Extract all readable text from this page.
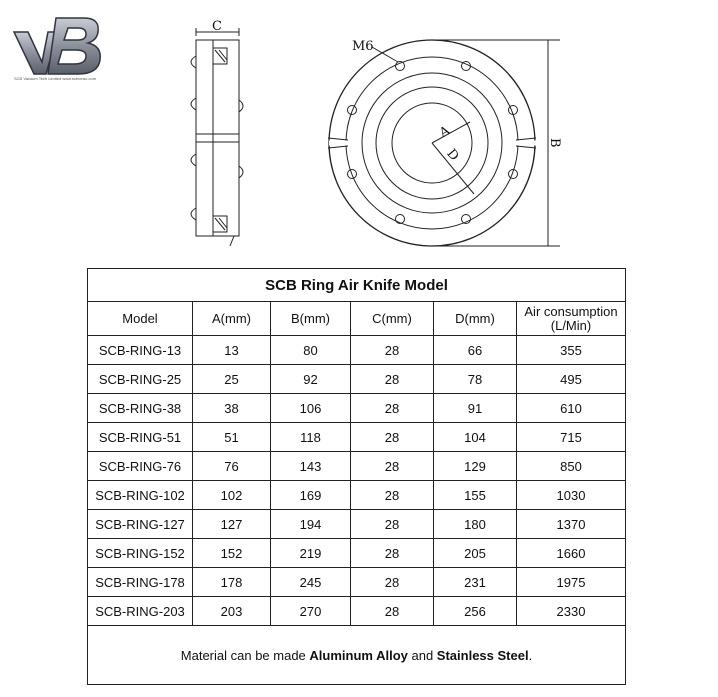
SCB Vacuum Tech Limited www.scbvmsc.com
C
M6
A
D
B
SCB Ring Air Knife Model					
Model	A(mm)	B(mm)	C(mm)	D(mm)	Air consumption
(L/Min)
SCB-RING-13	13	80	28	66	355
SCB-RING-25	25	92	28	78	495
SCB-RING-38	38	106	28	91	610
SCB-RING-51	51	118	28	104	715
SCB-RING-76	76	143	28	129	850
SCB-RING-102	102	169	28	155	1030
SCB-RING-127	127	194	28	180	1370
SCB-RING-152	152	219	28	205	1660
SCB-RING-178	178	245	28	231	1975
SCB-RING-203	203	270	28	256	2330
Material can be made Aluminum Alloy and Stainless Steel.					
